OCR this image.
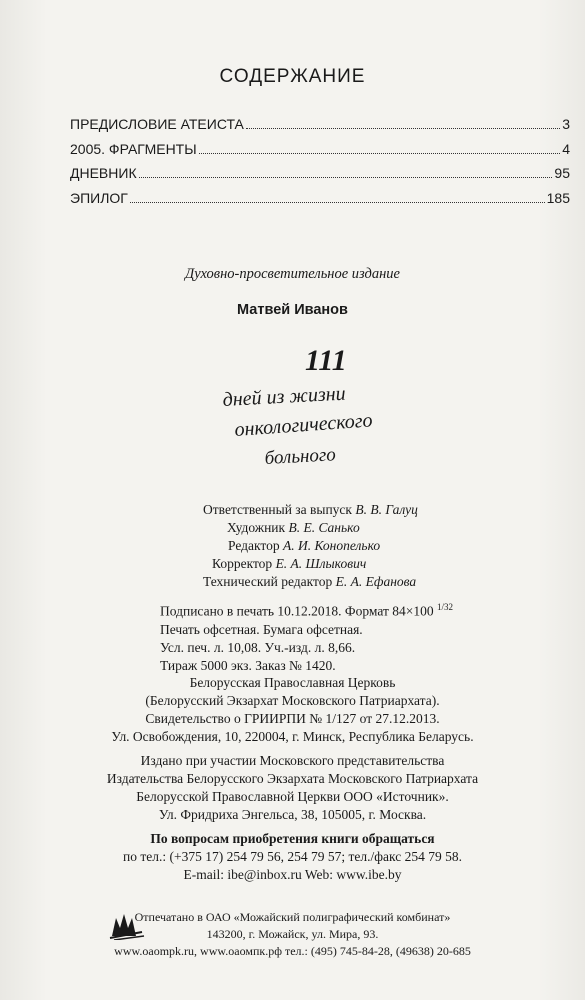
СОДЕРЖАНИЕ
ПРЕДИСЛОВИЕ АТЕИСТА	3
2005. ФРАГМЕНТЫ	4
ДНЕВНИК	95
ЭПИЛОГ	185
Духовно-просветительное издание
Матвей Иванов
111
дней из жизни
онкологического
больного
Ответственный за выпуск В. В. Галуц
Художник В. Е. Санько
Редактор А. И. Конопелько
Корректор Е. А. Шлыкович
Технический редактор Е. А. Ефанова
Подписано в печать 10.12.2018. Формат 84×100 $^{1/32}$
Печать офсетная. Бумага офсетная.
Усл. печ. л. 10,08. Уч.-изд. л. 8,66.
Тираж 5000 экз. Заказ № 1420.
Белорусская Православная Церковь
(Белорусский Экзархат Московского Патриархата).
Свидетельство о ГРИИРПИ № 1/127 от 27.12.2013.
Ул. Освобождения, 10, 220004, г. Минск, Республика Беларусь.
Издано при участии Московского представительства
Издательства Белорусского Экзархата Московского Патриархата
Белорусской Православной Церкви ООО «Источник».
Ул. Фридриха Энгельса, 38, 105005, г. Москва.
По вопросам приобретения книги обращаться
по тел.: (+375 17) 254 79 56, 254 79 57; тел./факс 254 79 58.
E-mail: ibe@inbox.ru Web: www.ibe.by
Отпечатано в ОАО «Можайский полиграфический комбинат»
143200, г. Можайск, ул. Мира, 93.
www.oaompk.ru, www.оаомпк.рф тел.: (495) 745-84-28, (49638) 20-685
